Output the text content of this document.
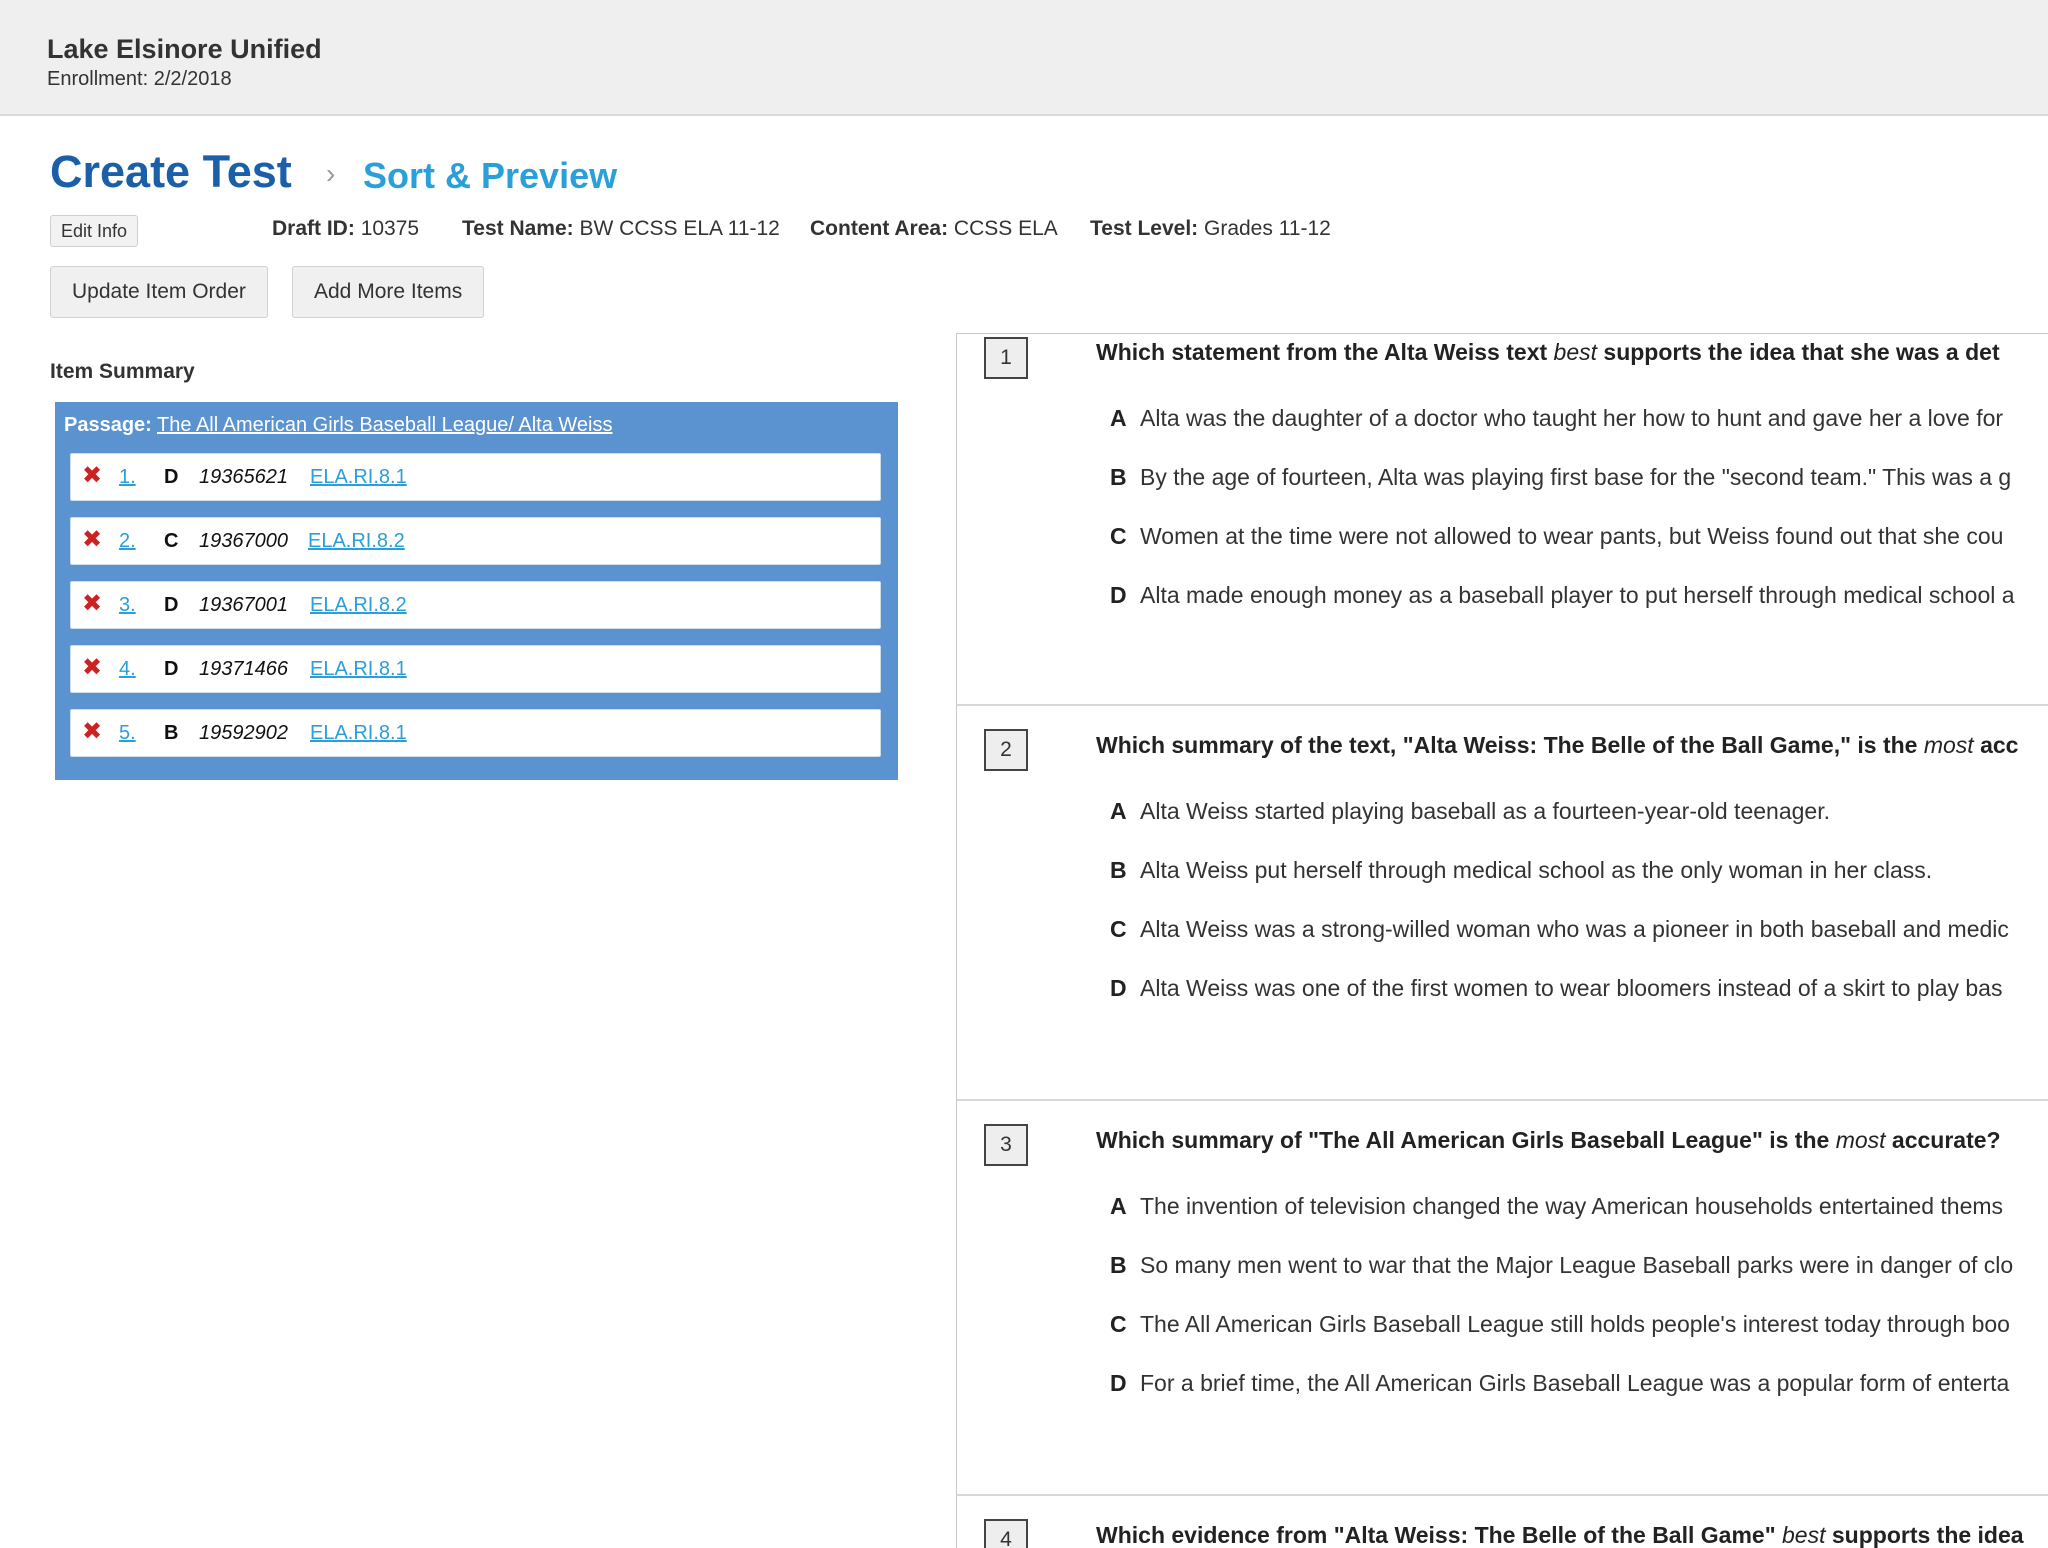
Lake Elsinore Unified
Enrollment: 2/2/2018
Create Test › Sort & Preview
Edit Info	Draft ID: 10375 Test Name: BW CCSS ELA 11-12 Content Area: CCSS ELA Test Level: Grades 11-12
Update Item Order	Add More Items
Item Summary
Passage: The All American Girls Baseball League/ Alta Weiss
✖ 1. D 19365621 ELA.RI.8.1
✖ 2. C 19367000 ELA.RI.8.2
✖ 3. D 19367001 ELA.RI.8.2
✖ 4. D 19371466 ELA.RI.8.1
✖ 5. B 19592902 ELA.RI.8.1
1	Which statement from the Alta Weiss text best supports the idea that she was a det
A Alta was the daughter of a doctor who taught her how to hunt and gave her a love for
B By the age of fourteen, Alta was playing first base for the "second team." This was a g
C Women at the time were not allowed to wear pants, but Weiss found out that she cou
D Alta made enough money as a baseball player to put herself through medical school a
2	Which summary of the text, "Alta Weiss: The Belle of the Ball Game," is the most acc
A Alta Weiss started playing baseball as a fourteen-year-old teenager.
B Alta Weiss put herself through medical school as the only woman in her class.
C Alta Weiss was a strong-willed woman who was a pioneer in both baseball and medic
D Alta Weiss was one of the first women to wear bloomers instead of a skirt to play bas
3	Which summary of "The All American Girls Baseball League" is the most accurate?
A The invention of television changed the way American households entertained thems
B So many men went to war that the Major League Baseball parks were in danger of clo
C The All American Girls Baseball League still holds people's interest today through boo
D For a brief time, the All American Girls Baseball League was a popular form of enterta
4	Which evidence from "Alta Weiss: The Belle of the Ball Game" best supports the idea
